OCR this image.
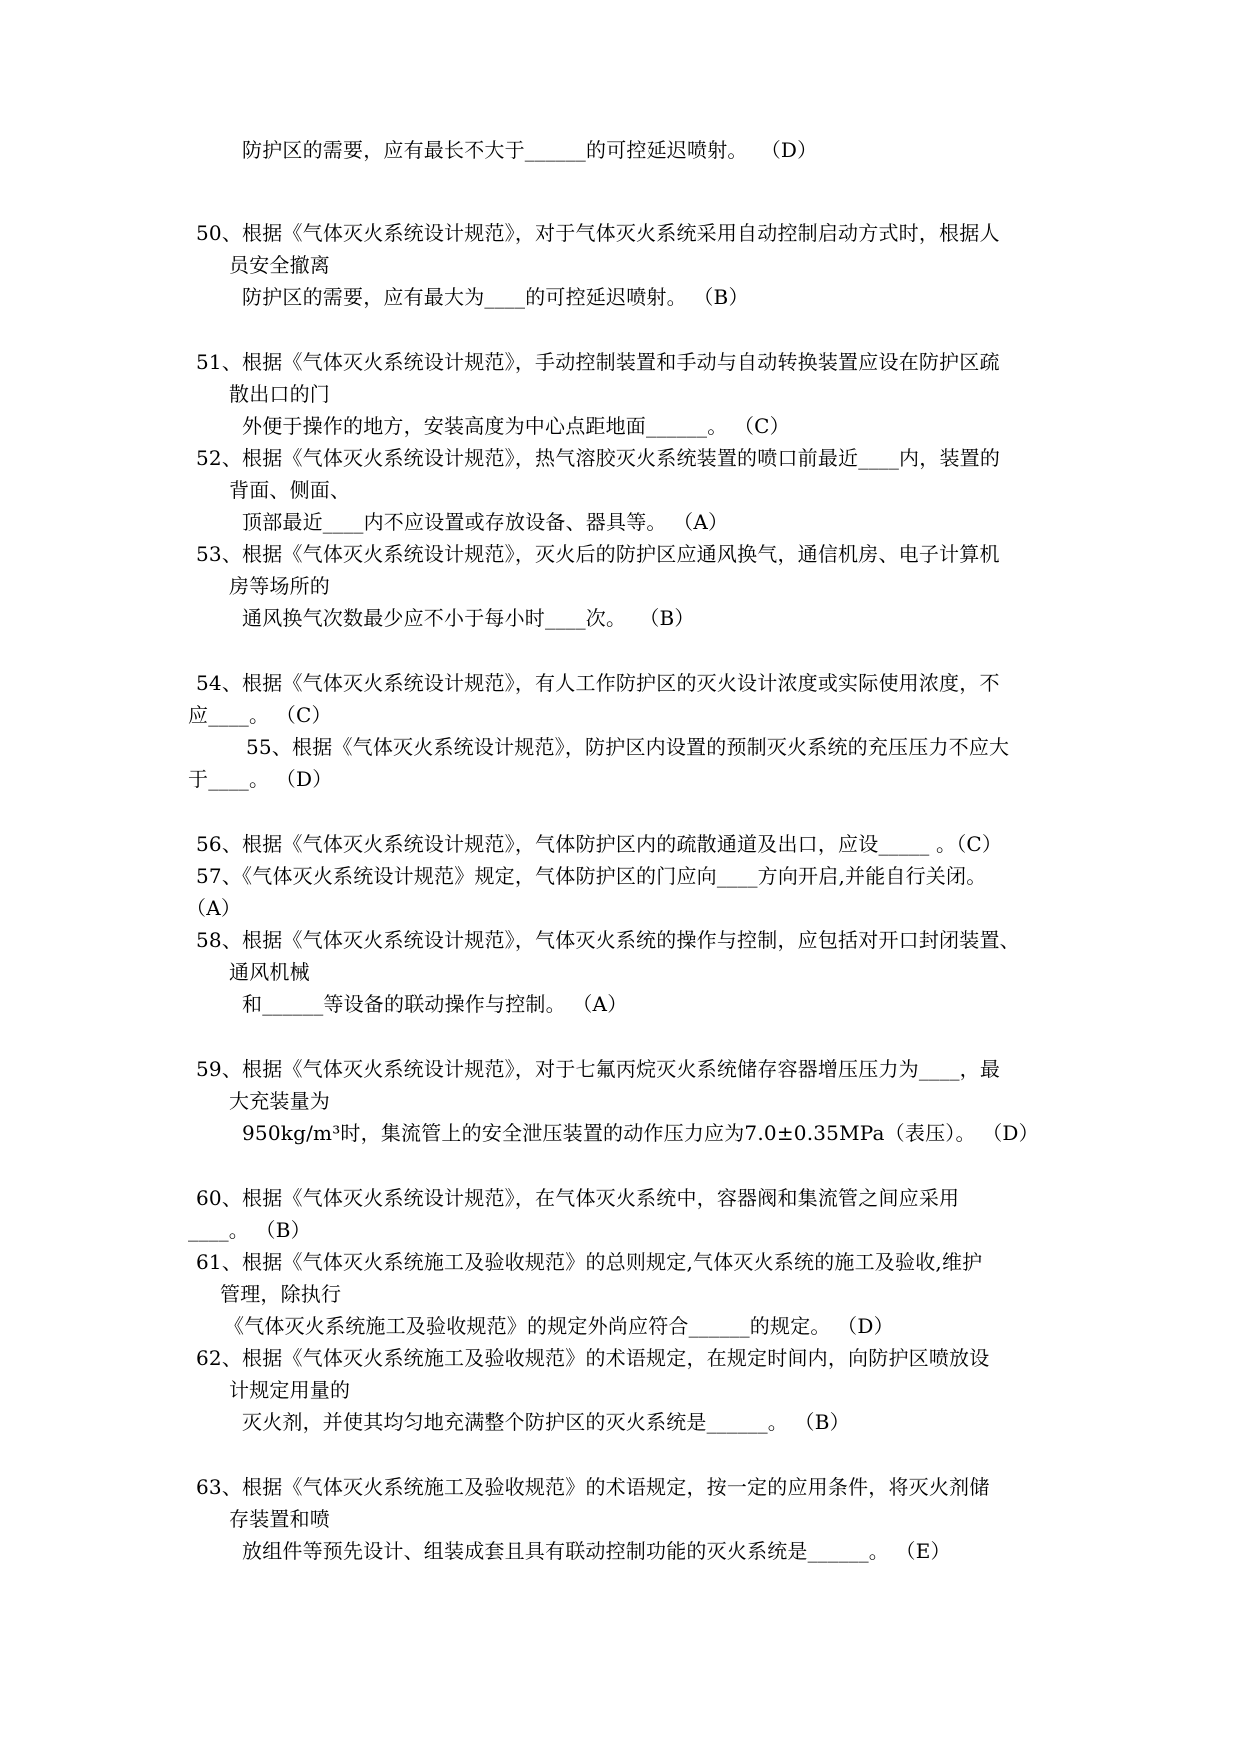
防护区的需要，应有最长不大于______的可控延迟喷射。  （D）
50、根据《气体灭火系统设计规范》，对于气体灭火系统采用自动控制启动方式时，根据人
员安全撤离
防护区的需要，应有最大为____的可控延迟喷射。 （B）
51、根据《气体灭火系统设计规范》，手动控制装置和手动与自动转换装置应设在防护区疏
散出口的门
外便于操作的地方，安装高度为中心点距地面______。 （C）
52、根据《气体灭火系统设计规范》，热气溶胶灭火系统装置的喷口前最近____内，装置的
背面、侧面、
顶部最近____内不应设置或存放设备、器具等。 （A）
53、根据《气体灭火系统设计规范》，灭火后的防护区应通风换气，通信机房、电子计算机
房等场所的
通风换气次数最少应不小于每小时____次。  （B）
54、根据《气体灭火系统设计规范》，有人工作防护区的灭火设计浓度或实际使用浓度，不
应____。 （C）
55、根据《气体灭火系统设计规范》，防护区内设置的预制灭火系统的充压压力不应大
于____。 （D）
56、根据《气体灭火系统设计规范》，气体防护区内的疏散通道及出口，应设_____ 。（C）
57、《气体灭火系统设计规范》规定，气体防护区的门应向____方向开启,并能自行关闭。
（A）
58、根据《气体灭火系统设计规范》，气体灭火系统的操作与控制，应包括对开口封闭装置、
通风机械
和______等设备的联动操作与控制。 （A）
59、根据《气体灭火系统设计规范》，对于七氟丙烷灭火系统储存容器增压压力为____，最
大充装量为
950kg/m³时，集流管上的安全泄压装置的动作压力应为7.0±0.35MPa（表压）。 （D）
60、根据《气体灭火系统设计规范》，在气体灭火系统中，容器阀和集流管之间应采用
____。 （B）
61、根据《气体灭火系统施工及验收规范》的总则规定,气体灭火系统的施工及验收,维护
管理，除执行
《气体灭火系统施工及验收规范》的规定外尚应符合______的规定。 （D）
62、根据《气体灭火系统施工及验收规范》的术语规定，在规定时间内，向防护区喷放设
计规定用量的
灭火剂，并使其均匀地充满整个防护区的灭火系统是______。 （B）
63、根据《气体灭火系统施工及验收规范》的术语规定，按一定的应用条件，将灭火剂储
存装置和喷
放组件等预先设计、组装成套且具有联动控制功能的灭火系统是______。 （E）
